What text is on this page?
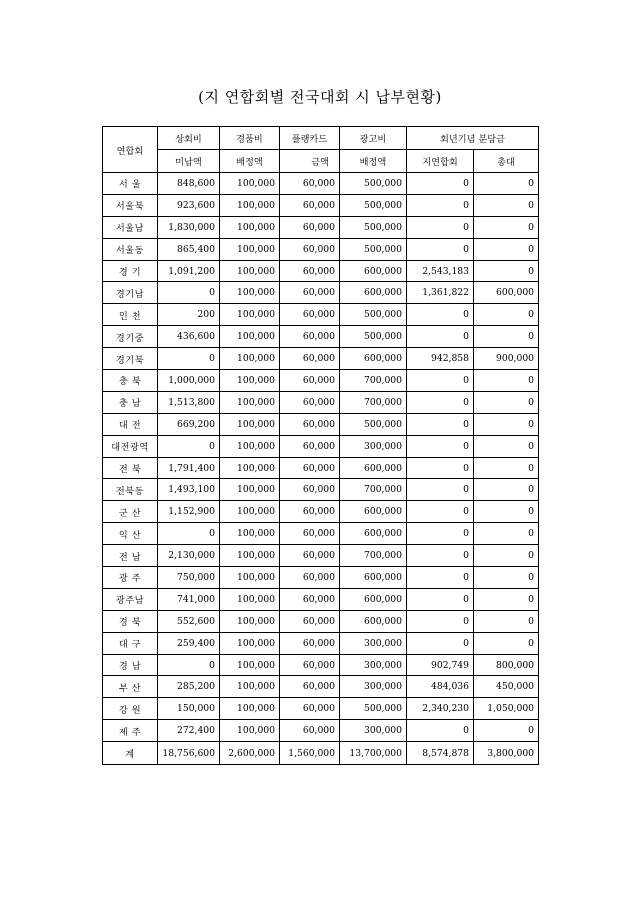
(지 연합회별 전국대회 시 납부현황)
연합회	상회비	경품비	플랭카드	광고비	회년기념 분담금	
	미납액	배정액	금액	배정액	지연합회	총대
서 울	848,600	100,000	60,000	500,000	0	0
서울북	923,600	100,000	60,000	500,000	0	0
서울남	1,830,000	100,000	60,000	500,000	0	0
서울동	865,400	100,000	60,000	500,000	0	0
경 기	1,091,200	100,000	60,000	600,000	2,543,183	0
경기남	0	100,000	60,000	600,000	1,361,822	600,000
인 천	200	100,000	60,000	500,000	0	0
경기중	436,600	100,000	60,000	500,000	0	0
경기북	0	100,000	60,000	600,000	942,858	900,000
충 북	1,000,000	100,000	60,000	700,000	0	0
충 남	1,513,800	100,000	60,000	700,000	0	0
대 전	669,200	100,000	60,000	500,000	0	0
대전광역	0	100,000	60,000	300,000	0	0
전 북	1,791,400	100,000	60,000	600,000	0	0
전북동	1,493,100	100,000	60,000	700,000	0	0
군 산	1,152,900	100,000	60,000	600,000	0	0
익 산	0	100,000	60,000	600,000	0	0
전 남	2,130,000	100,000	60,000	700,000	0	0
광 주	750,000	100,000	60,000	600,000	0	0
광주남	741,000	100,000	60,000	600,000	0	0
경 북	552,600	100,000	60,000	600,000	0	0
대 구	259,400	100,000	60,000	300,000	0	0
경 남	0	100,000	60,000	300,000	902,749	800,000
부 산	285,200	100,000	60,000	300,000	484,036	450,000
강 원	150,000	100,000	60,000	500,000	2,340,230	1,050,000
제 주	272,400	100,000	60,000	300,000	0	0
계	18,756,600	2,600,000	1,560,000	13,700,000	8,574,878	3,800,000
